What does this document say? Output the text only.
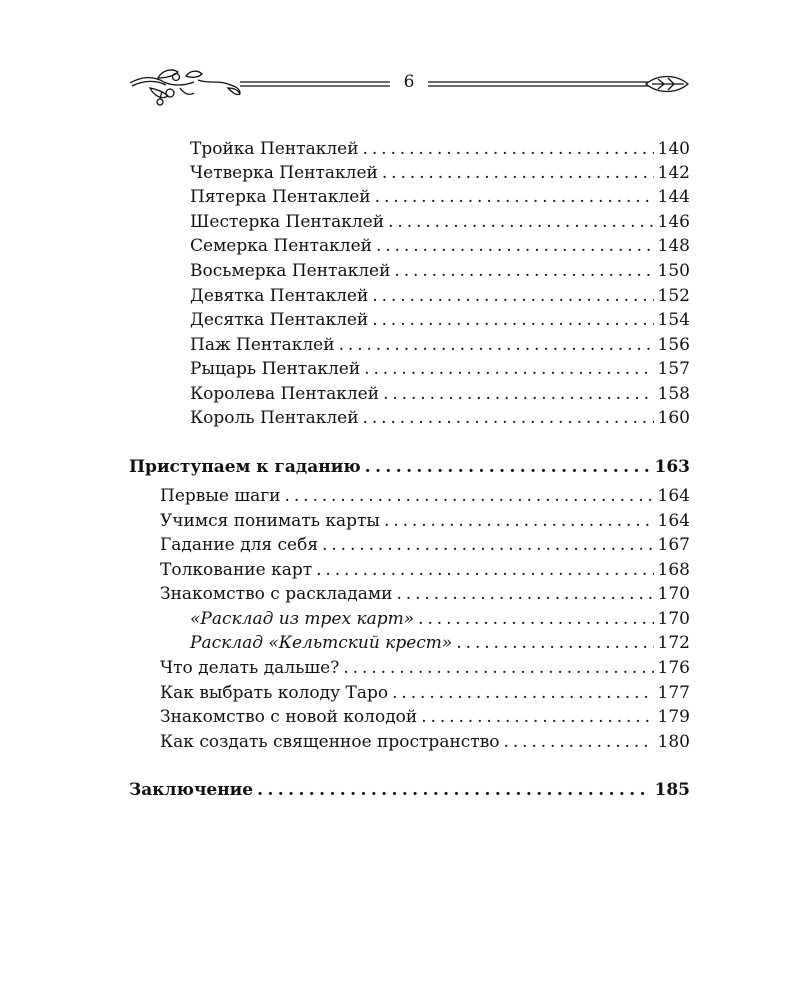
6
Тройка Пентаклей . . .	140
Четверка Пентаклей . . .	142
Пятерка Пентаклей . . .	144
Шестерка Пентаклей . . .	146
Семерка Пентаклей . . .	148
Восьмерка Пентаклей . . .	150
Девятка Пентаклей . . .	152
Десятка Пентаклей . . .	154
Паж Пентаклей . . .	156
Рыцарь Пентаклей . . .	157
Королева Пентаклей . . .	158
Король Пентаклей . . .	160
Приступаем к гаданию . . .	163
Первые шаги . . .	164
Учимся понимать карты . . .	164
Гадание для себя . . .	167
Толкование карт . . .	168
Знакомство с раскладами . . .	170
«Расклад из трех карт» . . .	170
Расклад «Кельтский крест» . . .	172
Что делать дальше? . . .	176
Как выбрать колоду Таро . . .	177
Знакомство с новой колодой . . .	179
Как создать священное пространство . . .	180
Заключение . . .	185
